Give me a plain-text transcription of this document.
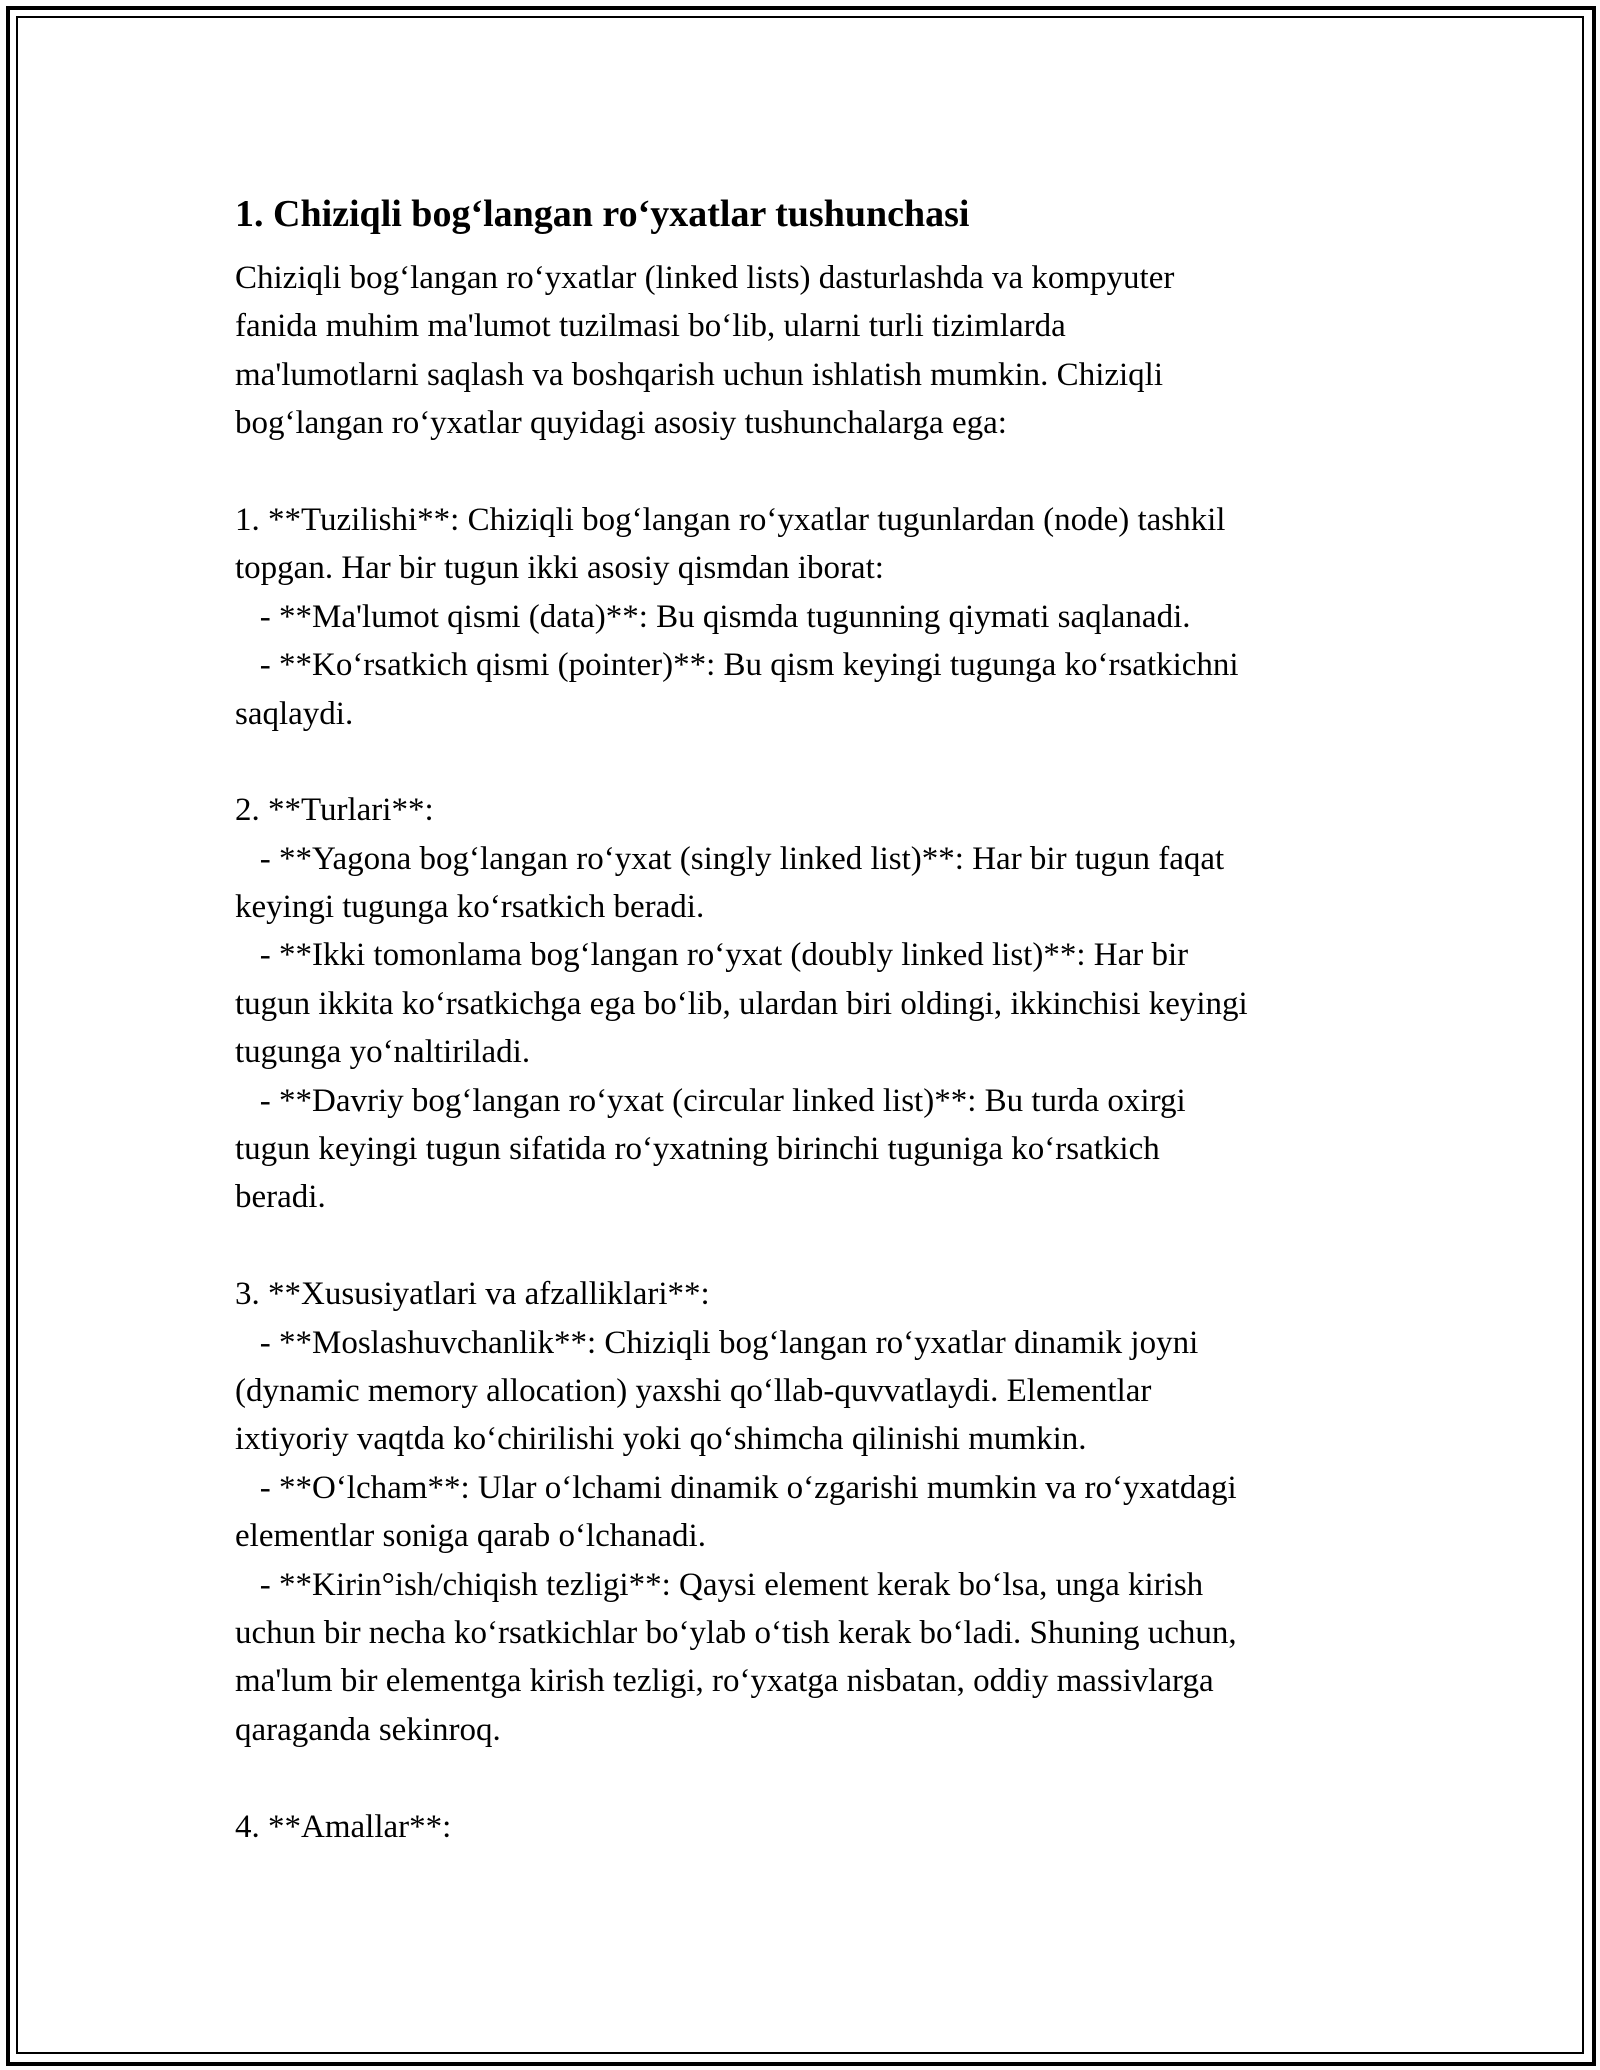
1. Chiziqli bog‘langan ro‘yxatlar tushunchasi

Chiziqli bog‘langan ro‘yxatlar (linked lists) dasturlashda va kompyuter
fanida muhim ma'lumot tuzilmasi bo‘lib, ularni turli tizimlarda
ma'lumotlarni saqlash va boshqarish uchun ishlatish mumkin. Chiziqli
bog‘langan ro‘yxatlar quyidagi asosiy tushunchalarga ega:

1. **Tuzilishi**: Chiziqli bog‘langan ro‘yxatlar tugunlardan (node) tashkil
topgan. Har bir tugun ikki asosiy qismdan iborat:
- **Ma'lumot qismi (data)**: Bu qismda tugunning qiymati saqlanadi.
- **Ko‘rsatkich qismi (pointer)**: Bu qism keyingi tugunga ko‘rsatkichni
saqlaydi.

2. **Turlari**:
- **Yagona bog‘langan ro‘yxat (singly linked list)**: Har bir tugun faqat
keyingi tugunga ko‘rsatkich beradi.
- **Ikki tomonlama bog‘langan ro‘yxat (doubly linked list)**: Har bir
tugun ikkita ko‘rsatkichga ega bo‘lib, ulardan biri oldingi, ikkinchisi keyingi
tugunga yo‘naltiriladi.
- **Davriy bog‘langan ro‘yxat (circular linked list)**: Bu turda oxirgi
tugun keyingi tugun sifatida ro‘yxatning birinchi tuguniga ko‘rsatkich
beradi.

3. **Xususiyatlari va afzalliklari**:
- **Moslashuvchanlik**: Chiziqli bog‘langan ro‘yxatlar dinamik joyni
(dynamic memory allocation) yaxshi qo‘llab-quvvatlaydi. Elementlar
ixtiyoriy vaqtda ko‘chirilishi yoki qo‘shimcha qilinishi mumkin.
- **O‘lcham**: Ular o‘lchami dinamik o‘zgarishi mumkin va ro‘yxatdagi
elementlar soniga qarab o‘lchanadi.
- **Kirin°ish/chiqish tezligi**: Qaysi element kerak bo‘lsa, unga kirish
uchun bir necha ko‘rsatkichlar bo‘ylab o‘tish kerak bo‘ladi. Shuning uchun,
ma'lum bir elementga kirish tezligi, ro‘yxatga nisbatan, oddiy massivlarga
qaraganda sekinroq.

4. **Amallar**:
